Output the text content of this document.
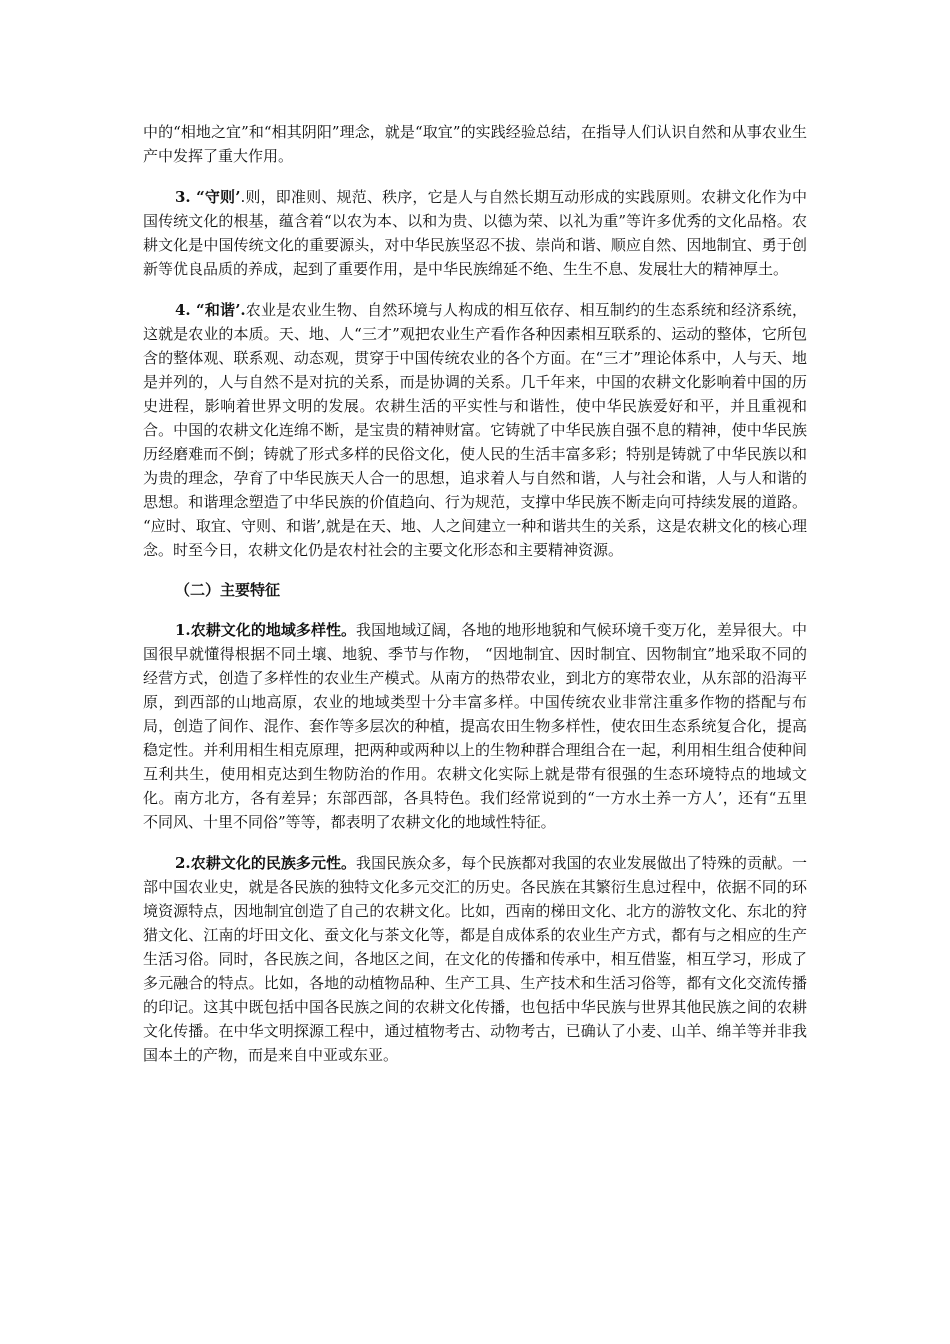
中的“相地之宜”和“相其阴阳”理念，就是“取宜”的实践经验总结，在指导人们认识自然和从事农业生产中发挥了重大作用。

3. “守则’.则，即准则、规范、秩序，它是人与自然长期互动形成的实践原则。农耕文化作为中国传统文化的根基，蕴含着“以农为本、以和为贵、以德为荣、以礼为重”等许多优秀的文化品格。农耕文化是中国传统文化的重要源头，对中华民族坚忍不拔、崇尚和谐、顺应自然、因地制宜、勇于创新等优良品质的养成，起到了重要作用，是中华民族绵延不绝、生生不息、发展壮大的精神厚土。

4. “和谐’.农业是农业生物、自然环境与人构成的相互依存、相互制约的生态系统和经济系统，这就是农业的本质。天、地、人“三才”观把农业生产看作各种因素相互联系的、运动的整体，它所包含的整体观、联系观、动态观，贯穿于中国传统农业的各个方面。在“三才”理论体系中，人与天、地是并列的，人与自然不是对抗的关系，而是协调的关系。几千年来，中国的农耕文化影响着中国的历史进程，影响着世界文明的发展。农耕生活的平实性与和谐性，使中华民族爱好和平，并且重视和合。中国的农耕文化连绵不断，是宝贵的精神财富。它铸就了中华民族自强不息的精神，使中华民族历经磨难而不倒；铸就了形式多样的民俗文化，使人民的生活丰富多彩；特别是铸就了中华民族以和为贵的理念，孕育了中华民族天人合一的思想，追求着人与自然和谐，人与社会和谐，人与人和谐的思想。和谐理念塑造了中华民族的价值趋向、行为规范，支撑中华民族不断走向可持续发展的道路。 “应时、取宜、守则、和谐’,就是在天、地、人之间建立一种和谐共生的关系，这是农耕文化的核心理念。时至今日，农耕文化仍是农村社会的主要文化形态和主要精神资源。

（二）主要特征

1.农耕文化的地域多样性。我国地域辽阔，各地的地形地貌和气候环境千变万化，差异很大。中国很早就懂得根据不同土壤、地貌、季节与作物， “因地制宜、因时制宜、因物制宜”地采取不同的经营方式，创造了多样性的农业生产模式。从南方的热带农业，到北方的寒带农业，从东部的沿海平原，到西部的山地高原，农业的地域类型十分丰富多样。中国传统农业非常注重多作物的搭配与布局，创造了间作、混作、套作等多层次的种植，提高农田生物多样性，使农田生态系统复合化，提高稳定性。并利用相生相克原理，把两种或两种以上的生物种群合理组合在一起，利用相生组合使种间互利共生，使用相克达到生物防治的作用。农耕文化实际上就是带有很强的生态环境特点的地域文化。南方北方，各有差异；东部西部，各具特色。我们经常说到的“一方水土养一方人’，还有“五里不同风、十里不同俗”等等，都表明了农耕文化的地域性特征。

2.农耕文化的民族多元性。我国民族众多，每个民族都对我国的农业发展做出了特殊的贡献。一部中国农业史，就是各民族的独特文化多元交汇的历史。各民族在其繁衍生息过程中，依据不同的环境资源特点，因地制宜创造了自己的农耕文化。比如，西南的梯田文化、北方的游牧文化、东北的狩猎文化、江南的圩田文化、蚕文化与茶文化等，都是自成体系的农业生产方式，都有与之相应的生产生活习俗。同时，各民族之间，各地区之间，在文化的传播和传承中，相互借鉴，相互学习，形成了多元融合的特点。比如，各地的动植物品种、生产工具、生产技术和生活习俗等，都有文化交流传播的印记。这其中既包括中国各民族之间的农耕文化传播，也包括中华民族与世界其他民族之间的农耕文化传播。在中华文明探源工程中，通过植物考古、动物考古，已确认了小麦、山羊、绵羊等并非我国本土的产物，而是来自中亚或东亚。
